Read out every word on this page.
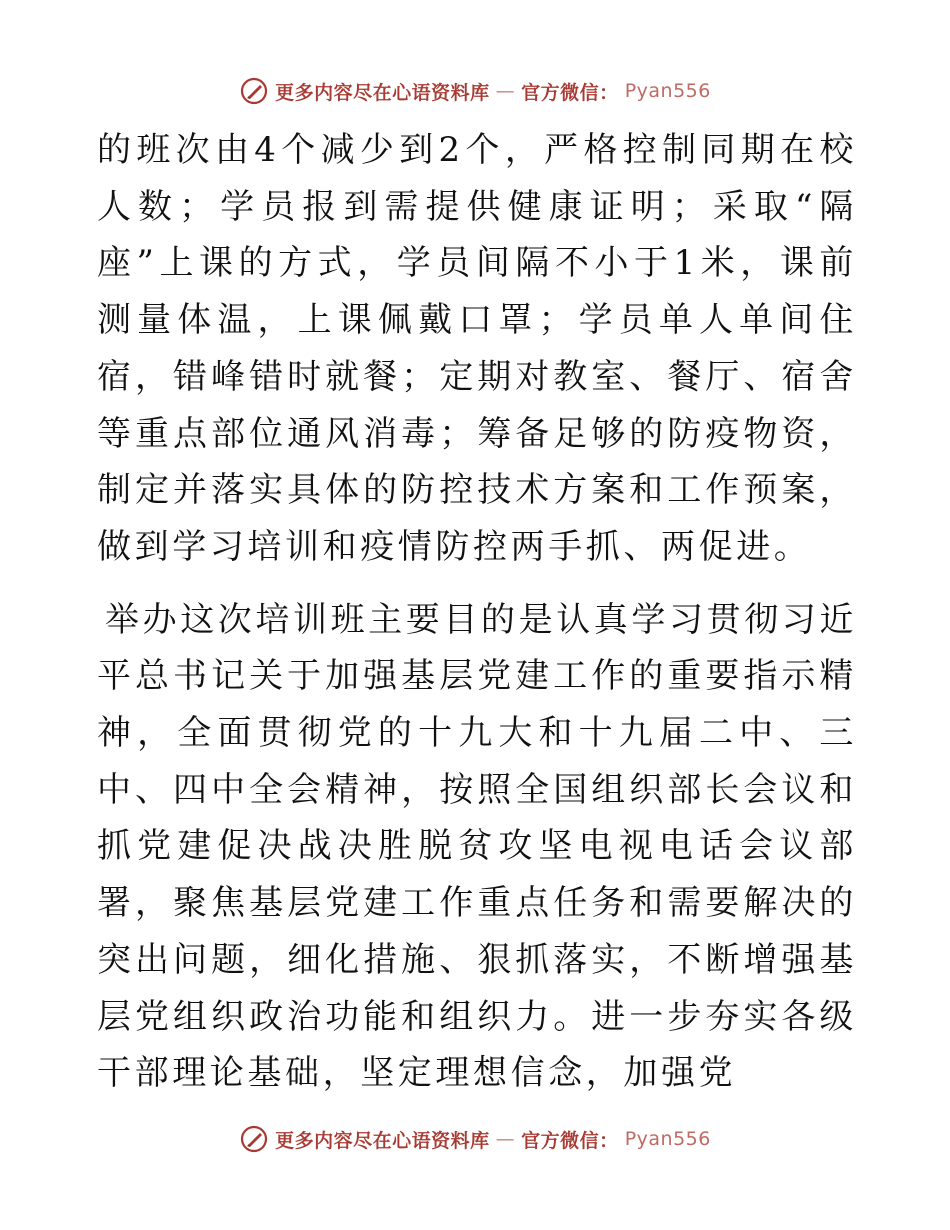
更多内容尽在心语资料库 — 官方微信： Pyan556

的班次由4个减少到2个，严格控制同期在校人数；学员报到需提供健康证明；采取“隔座”上课的方式，学员间隔不小于1米，课前测量体温，上课佩戴口罩；学员单人单间住宿，错峰错时就餐；定期对教室、餐厅、宿舍等重点部位通风消毒；筹备足够的防疫物资，制定并落实具体的防控技术方案和工作预案，做到学习培训和疫情防控两手抓、两促进。

举办这次培训班主要目的是认真学习贯彻习近平总书记关于加强基层党建工作的重要指示精神，全面贯彻党的十九大和十九届二中、三中、四中全会精神，按照全国组织部长会议和抓党建促决战决胜脱贫攻坚电视电话会议部署，聚焦基层党建工作重点任务和需要解决的突出问题，细化措施、狠抓落实，不断增强基层党组织政治功能和组织力。进一步夯实各级干部理论基础，坚定理想信念，加强党

更多内容尽在心语资料库 — 官方微信： Pyan556
